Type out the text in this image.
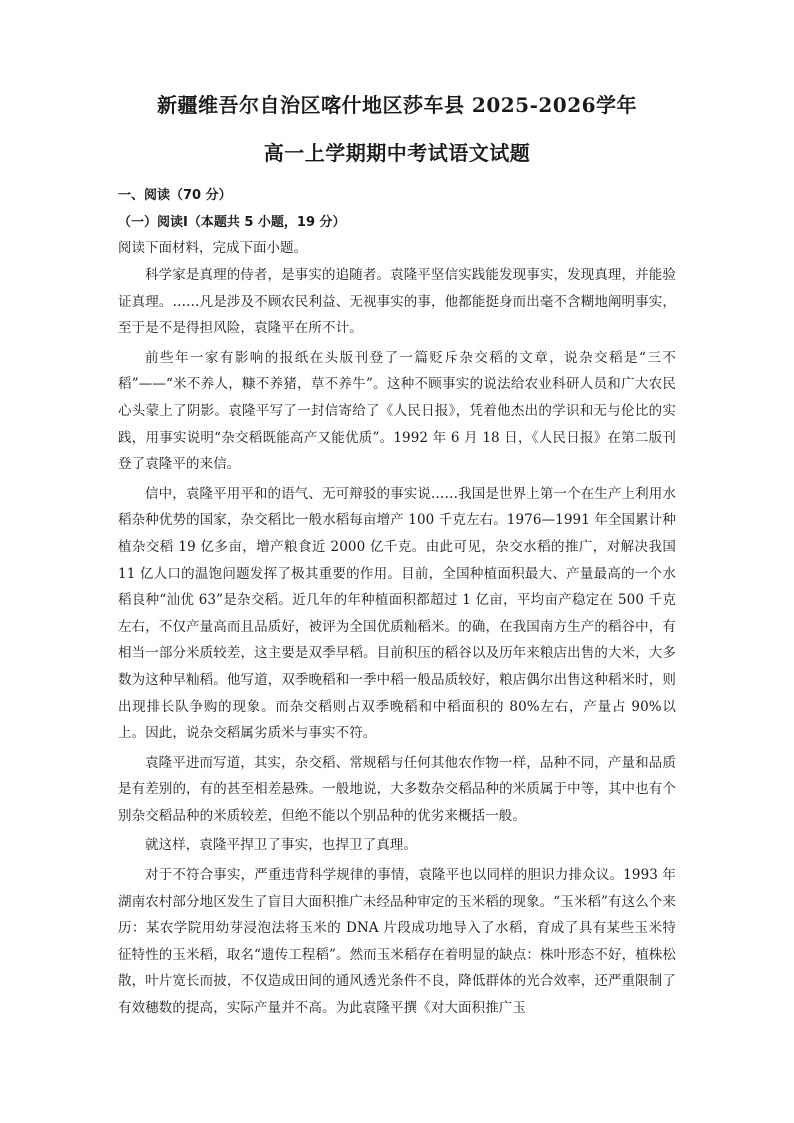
新疆维吾尔自治区喀什地区莎车县 2025-2026学年
高一上学期期中考试语文试题

一、阅读（70 分）

（一）阅读Ⅰ（本题共 5 小题，19 分）

阅读下面材料，完成下面小题。

科学家是真理的侍者，是事实的追随者。袁隆平坚信实践能发现事实，发现真理，并能验证真理。……凡是涉及不顾农民利益、无视事实的事，他都能挺身而出毫不含糊地阐明事实，至于是不是得担风险，袁隆平在所不计。

前些年一家有影响的报纸在头版刊登了一篇贬斥杂交稻的文章，说杂交稻是“三不稻”——“米不养人，糠不养猪，草不养牛”。这种不顾事实的说法给农业科研人员和广大农民心头蒙上了阴影。袁隆平写了一封信寄给了《人民日报》，凭着他杰出的学识和无与伦比的实践，用事实说明“杂交稻既能高产又能优质”。1992 年 6 月 18 日，《人民日报》在第二版刊登了袁隆平的来信。

信中，袁隆平用平和的语气、无可辩驳的事实说……我国是世界上第一个在生产上利用水稻杂种优势的国家，杂交稻比一般水稻每亩增产 100 千克左右。1976—1991 年全国累计种植杂交稻 19 亿多亩，增产粮食近 2000 亿千克。由此可见，杂交水稻的推广，对解决我国 11 亿人口的温饱问题发挥了极其重要的作用。目前，全国种植面积最大、产量最高的一个水稻良种“汕优 63”是杂交稻。近几年的年种植面积都超过 1 亿亩，平均亩产稳定在 500 千克左右，不仅产量高而且品质好，被评为全国优质籼稻米。的确，在我国南方生产的稻谷中，有相当一部分米质较差，这主要是双季早稻。目前积压的稻谷以及历年来粮店出售的大米，大多数为这种早籼稻。他写道，双季晚稻和一季中稻一般品质较好，粮店偶尔出售这种稻米时，则出现排长队争购的现象。而杂交稻则占双季晚稻和中稻面积的 80%左右，产量占 90%以上。因此，说杂交稻属劣质米与事实不符。

袁隆平进而写道，其实，杂交稻、常规稻与任何其他农作物一样，品种不同，产量和品质是有差别的，有的甚至相差悬殊。一般地说，大多数杂交稻品种的米质属于中等，其中也有个别杂交稻品种的米质较差，但绝不能以个别品种的优劣来概括一般。

就这样，袁隆平捍卫了事实，也捍卫了真理。

对于不符合事实，严重违背科学规律的事情，袁隆平也以同样的胆识力排众议。1993 年湖南农村部分地区发生了盲目大面积推广未经品种审定的玉米稻的现象。“玉米稻”有这么个来历：某农学院用幼芽浸泡法将玉米的 DNA 片段成功地导入了水稻，育成了具有某些玉米特征特性的玉米稻，取名“遗传工程稻”。然而玉米稻存在着明显的缺点：株叶形态不好，植株松散，叶片宽长而披，不仅造成田间的通风透光条件不良，降低群体的光合效率，还严重限制了有效穗数的提高，实际产量并不高。为此袁隆平撰《对大面积推广玉
